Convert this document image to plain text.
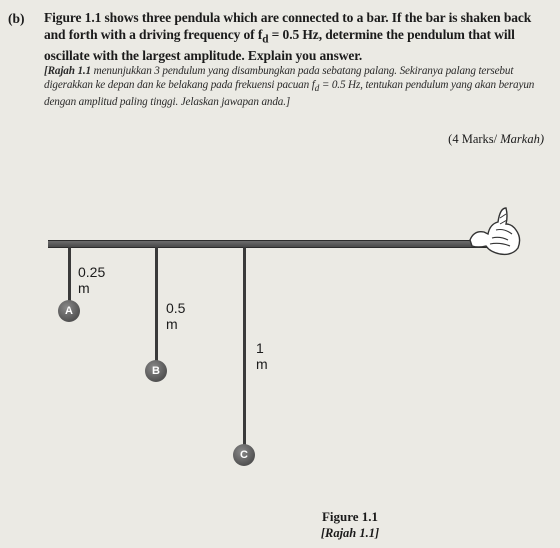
(b)	Figure 1.1 shows three pendula which are connected to a bar. If the bar is shaken back and forth with a driving frequency of $f_d = 0.5$ Hz, determine the pendulum that will oscillate with the largest amplitude. Explain you answer.
[Rajah 1.1 menunjukkan 3 pendulum yang disambungkan pada sebatang palang. Sekiranya palang tersebut digerakkan ke depan dan ke belakang pada frekuensi pacuan $f_d = 0.5$ Hz, tentukan pendulum yang akan berayun dengan amplitud paling tinggi. Jelaskan jawapan anda.]
(4 Marks/ Markah)
A
B
C
0.25 m
0.5 m
1 m
Figure 1.1
[Rajah 1.1]
